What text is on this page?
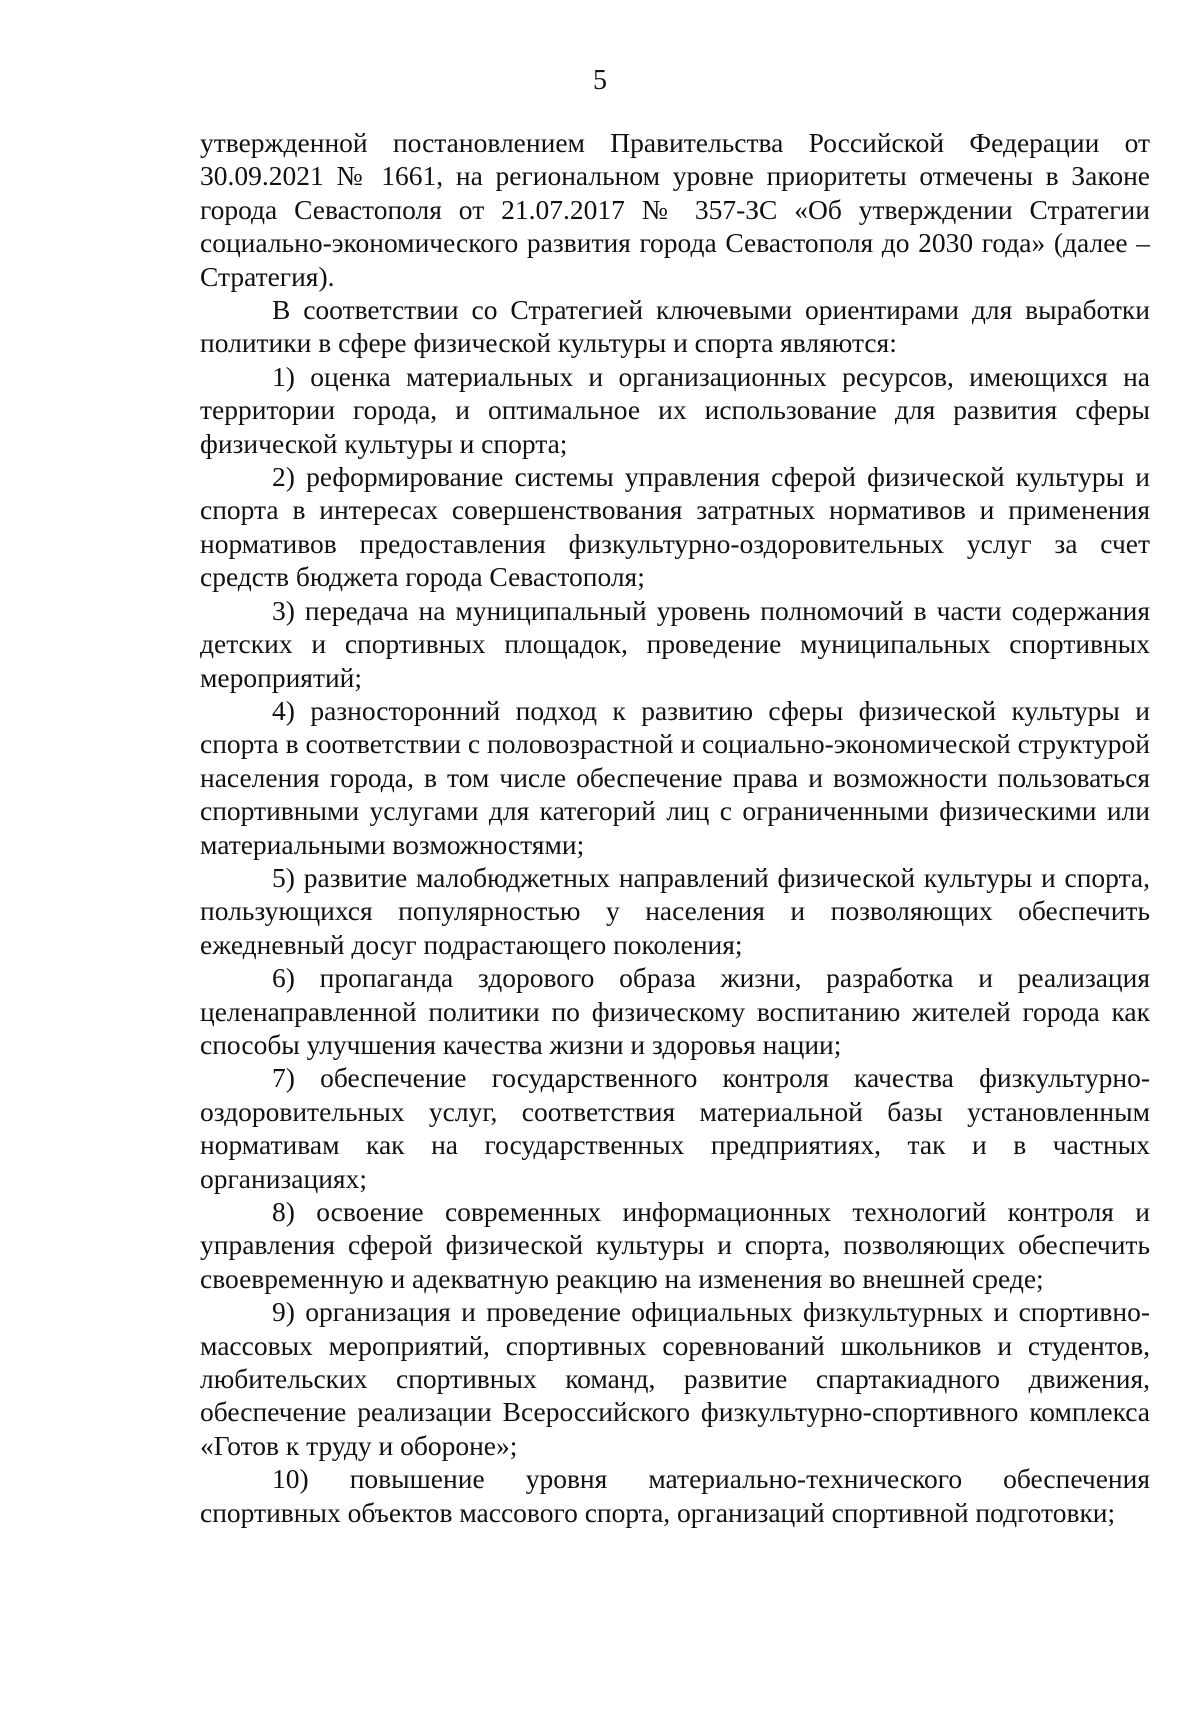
5

утвержденной постановлением Правительства Российской Федерации от 30.09.2021 № 1661, на региональном уровне приоритеты отмечены в Законе города Севастополя от 21.07.2017 № 357-ЗС «Об утверждении Стратегии социально-экономического развития города Севастополя до 2030 года» (далее – Стратегия).

В соответствии со Стратегией ключевыми ориентирами для выработки политики в сфере физической культуры и спорта являются:

1) оценка материальных и организационных ресурсов, имеющихся на территории города, и оптимальное их использование для развития сферы физической культуры и спорта;

2) реформирование системы управления сферой физической культуры и спорта в интересах совершенствования затратных нормативов и применения нормативов предоставления физкультурно-оздоровительных услуг за счет средств бюджета города Севастополя;

3) передача на муниципальный уровень полномочий в части содержания детских и спортивных площадок, проведение муниципальных спортивных мероприятий;

4) разносторонний подход к развитию сферы физической культуры и спорта в соответствии с половозрастной и социально-экономической структурой населения города, в том числе обеспечение права и возможности пользоваться спортивными услугами для категорий лиц с ограниченными физическими или материальными возможностями;

5) развитие малобюджетных направлений физической культуры и спорта, пользующихся популярностью у населения и позволяющих обеспечить ежедневный досуг подрастающего поколения;

6) пропаганда здорового образа жизни, разработка и реализация целенаправленной политики по физическому воспитанию жителей города как способы улучшения качества жизни и здоровья нации;

7) обеспечение государственного контроля качества физкультурно-оздоровительных услуг, соответствия материальной базы установленным нормативам как на государственных предприятиях, так и в частных организациях;

8) освоение современных информационных технологий контроля и управления сферой физической культуры и спорта, позволяющих обеспечить своевременную и адекватную реакцию на изменения во внешней среде;

9) организация и проведение официальных физкультурных и спортивно-массовых мероприятий, спортивных соревнований школьников и студентов, любительских спортивных команд, развитие спартакиадного движения, обеспечение реализации Всероссийского физкультурно-спортивного комплекса «Готов к труду и обороне»;

10) повышение уровня материально-технического обеспечения спортивных объектов массового спорта, организаций спортивной подготовки;
